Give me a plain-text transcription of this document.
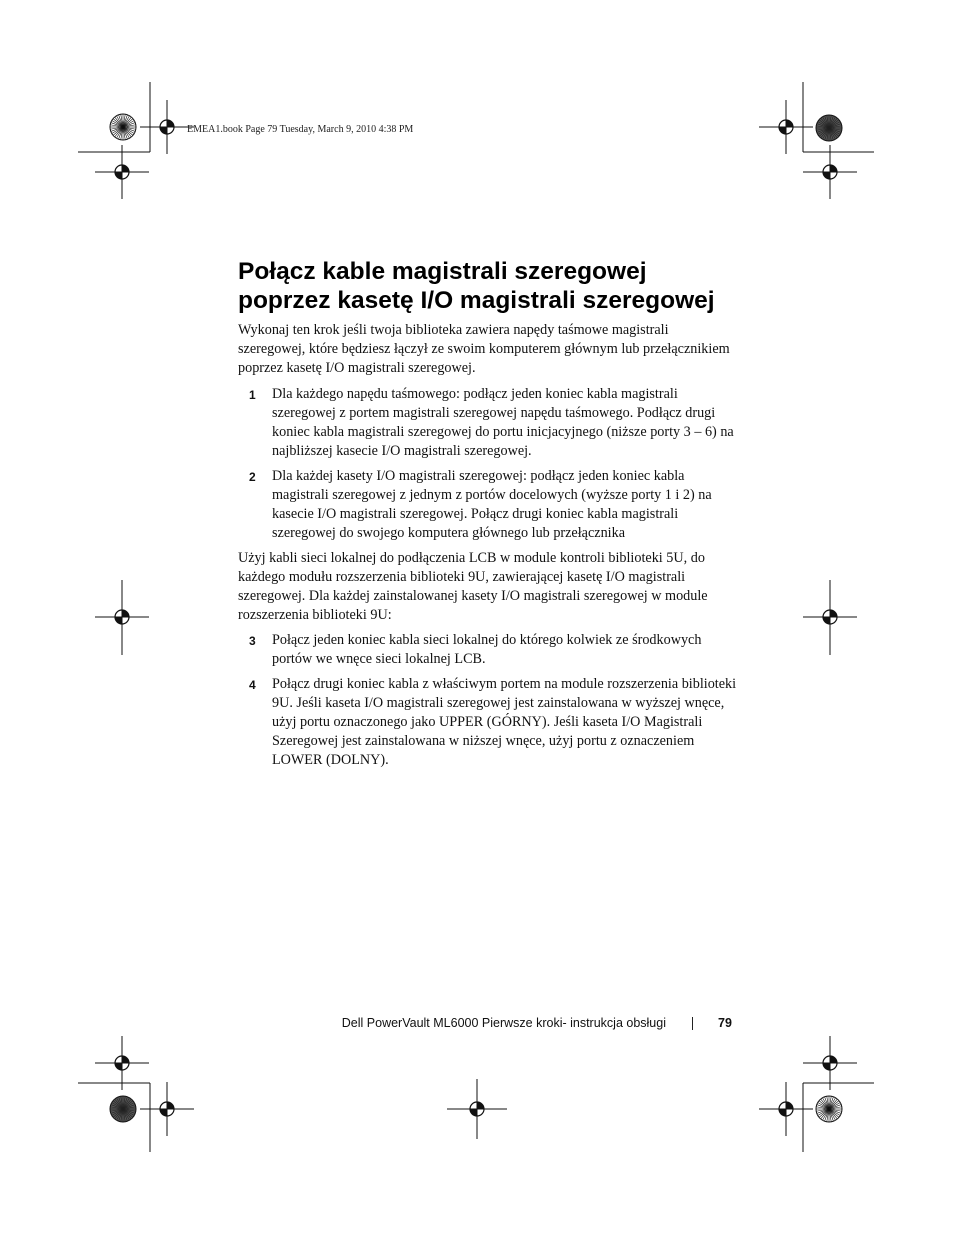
EMEA1.book Page 79 Tuesday, March 9, 2010 4:38 PM
Połącz kable magistrali szeregowej
poprzez kasetę I/O magistrali szeregowej

Wykonaj ten krok jeśli twoja biblioteka zawiera napędy taśmowe magistrali szeregowej, które będziesz łączył ze swoim komputerem głównym lub przełącznikiem poprzez kasetę I/O magistrali szeregowej.

1 Dla każdego napędu taśmowego: podłącz jeden koniec kabla magistrali szeregowej z portem magistrali szeregowej napędu taśmowego. Podłącz drugi koniec kabla magistrali szeregowej do portu inicjacyjnego (niższe porty 3 – 6) na najbliższej kasecie I/O magistrali szeregowej.
2 Dla każdej kasety I/O magistrali szeregowej: podłącz jeden koniec kabla magistrali szeregowej z jednym z portów docelowych (wyższe porty 1 i 2) na kasecie I/O magistrali szeregowej. Połącz drugi koniec kabla magistrali szeregowej do swojego komputera głównego lub przełącznika

Użyj kabli sieci lokalnej do podłączenia LCB w module kontroli biblioteki 5U, do każdego modułu rozszerzenia biblioteki 9U, zawierającej kasetę I/O magistrali szeregowej. Dla każdej zainstalowanej kasety I/O magistrali szeregowej w module rozszerzenia biblioteki 9U:

3 Połącz jeden koniec kabla sieci lokalnej do którego kolwiek ze środkowych portów we wnęce sieci lokalnej LCB.
4 Połącz drugi koniec kabla z właściwym portem na module rozszerzenia biblioteki 9U. Jeśli kaseta I/O magistrali szeregowej jest zainstalowana w wyższej wnęce, użyj portu oznaczonego jako UPPER (GÓRNY). Jeśli kaseta I/O Magistrali Szeregowej jest zainstalowana w niższej wnęce, użyj portu z oznaczeniem LOWER (DOLNY).
Dell PowerVault ML6000 Pierwsze kroki- instrukcja obsługi	79
